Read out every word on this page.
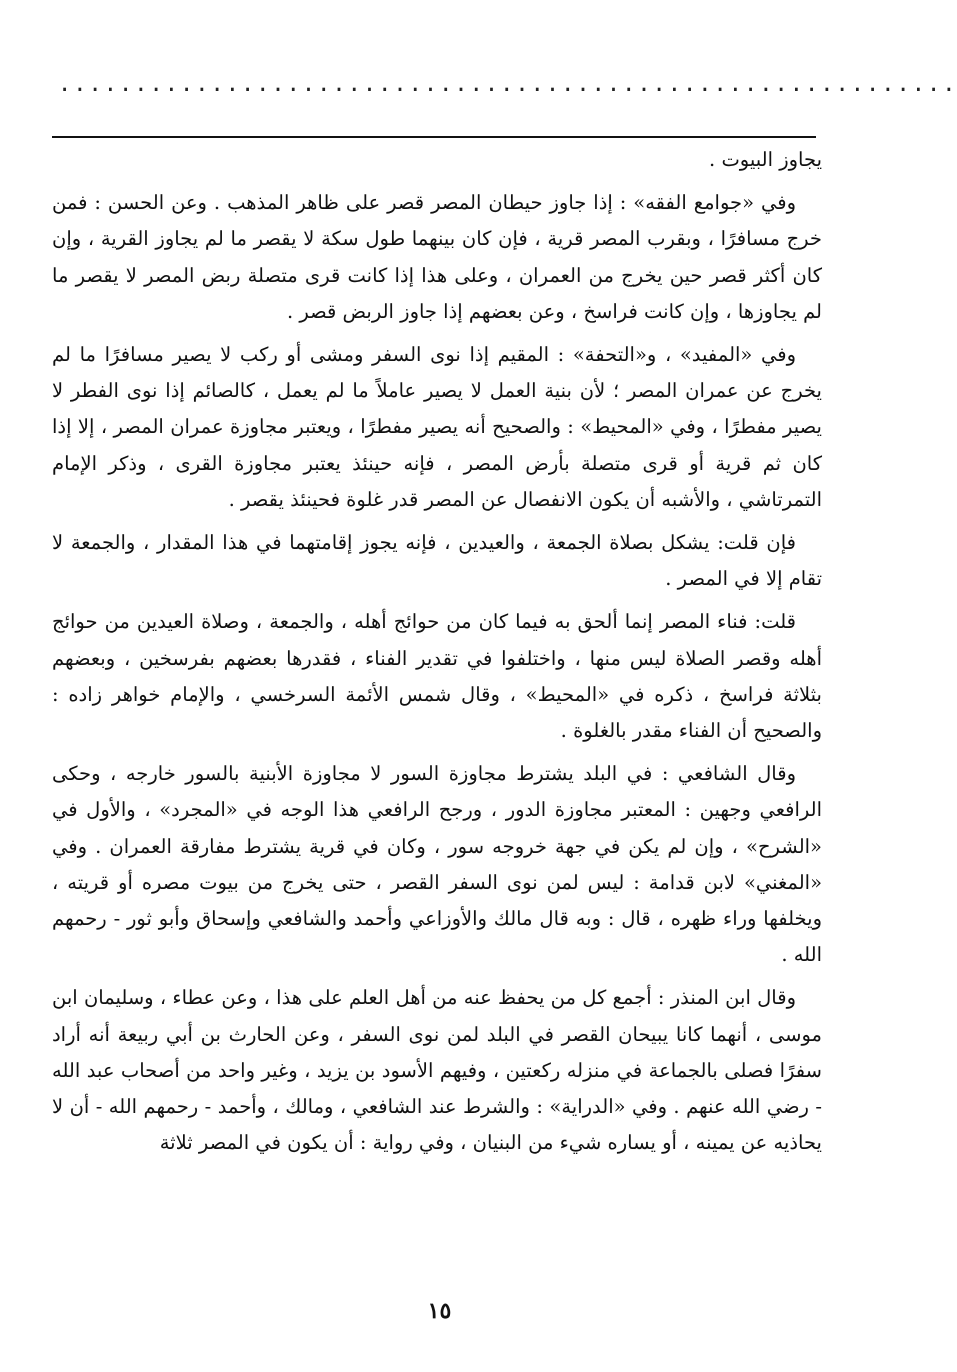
...........................................................

يجاوز البيوت .

وفي «جوامع الفقه» : إذا جاوز حيطان المصر قصر على ظاهر المذهب . وعن الحسن : فمن خرج مسافرًا ، وبقرب المصر قرية ، فإن كان بينهما طول سكة لا يقصر ما لم يجاوز القرية ، وإن كان أكثر قصر حين يخرج من العمران ، وعلى هذا إذا كانت قرى متصلة ربض المصر لا يقصر ما لم يجاوزها ، وإن كانت فراسخ ، وعن بعضهم إذا جاوز الربض قصر .

وفي «المفيد» ، و«التحفة» : المقيم إذا نوى السفر ومشى أو ركب لا يصير مسافرًا ما لم يخرج عن عمران المصر ؛ لأن بنية العمل لا يصير عاملاً ما لم يعمل ، كالصائم إذا نوى الفطر لا يصير مفطرًا ، وفي «المحيط» : والصحيح أنه يصير مفطرًا ، ويعتبر مجاوزة عمران المصر ، إلا إذا كان ثم قرية أو قرى متصلة بأرض المصر ، فإنه حينئذ يعتبر مجاوزة القرى ، وذكر الإمام التمرتاشي ، والأشبه أن يكون الانفصال عن المصر قدر غلوة فحينئذ يقصر .

فإن قلت: يشكل بصلاة الجمعة ، والعيدين ، فإنه يجوز إقامتهما في هذا المقدار ، والجمعة لا تقام إلا في المصر .

قلت: فناء المصر إنما ألحق به فيما كان من حوائج أهله ، والجمعة ، وصلاة العيدين من حوائج أهله وقصر الصلاة ليس منها ، واختلفوا في تقدير الفناء ، فقدرها بعضهم بفرسخين ، وبعضهم بثلاثة فراسخ ، ذكره في «المحيط» ، وقال شمس الأئمة السرخسي ، والإمام خواهر زاده : والصحيح أن الفناء مقدر بالغلوة .

وقال الشافعي : في البلد يشترط مجاوزة السور لا مجاوزة الأبنية بالسور خارجه ، وحكى الرافعي وجهين : المعتبر مجاوزة الدور ، ورجح الرافعي هذا الوجه في «المجرد» ، والأول في «الشرح» ، وإن لم يكن في جهة خروجه سور ، وكان في قرية يشترط مفارقة العمران . وفي «المغني» لابن قدامة : ليس لمن نوى السفر القصر ، حتى يخرج من بيوت مصره أو قريته ، ويخلفها وراء ظهره ، قال : وبه قال مالك والأوزاعي وأحمد والشافعي وإسحاق وأبو ثور - رحمهم الله .

وقال ابن المنذر : أجمع كل من يحفظ عنه من أهل العلم على هذا ، وعن عطاء ، وسليمان ابن موسى ، أنهما كانا يبيحان القصر في البلد لمن نوى السفر ، وعن الحارث بن أبي ربيعة أنه أراد سفرًا فصلى بالجماعة في منزله ركعتين ، وفيهم الأسود بن يزيد ، وغير واحد من أصحاب عبد الله - رضي الله عنهم . وفي «الدراية» : والشرط عند الشافعي ، ومالك ، وأحمد - رحمهم الله - أن لا يحاذيه عن يمينه ، أو يساره شيء من البنيان ، وفي رواية : أن يكون في المصر ثلاثة

١٥
